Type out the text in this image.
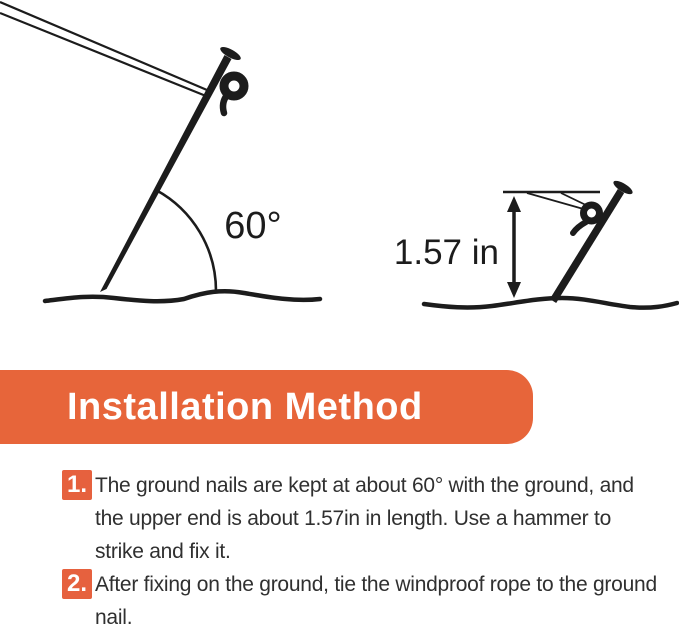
60°
1.57 in
Installation Method
1. The ground nails are kept at about 60° with the ground, and the upper end is about 1.57in in length. Use a hammer to strike and fix it.

2. After fixing on the ground, tie the windproof rope to the ground nail.
